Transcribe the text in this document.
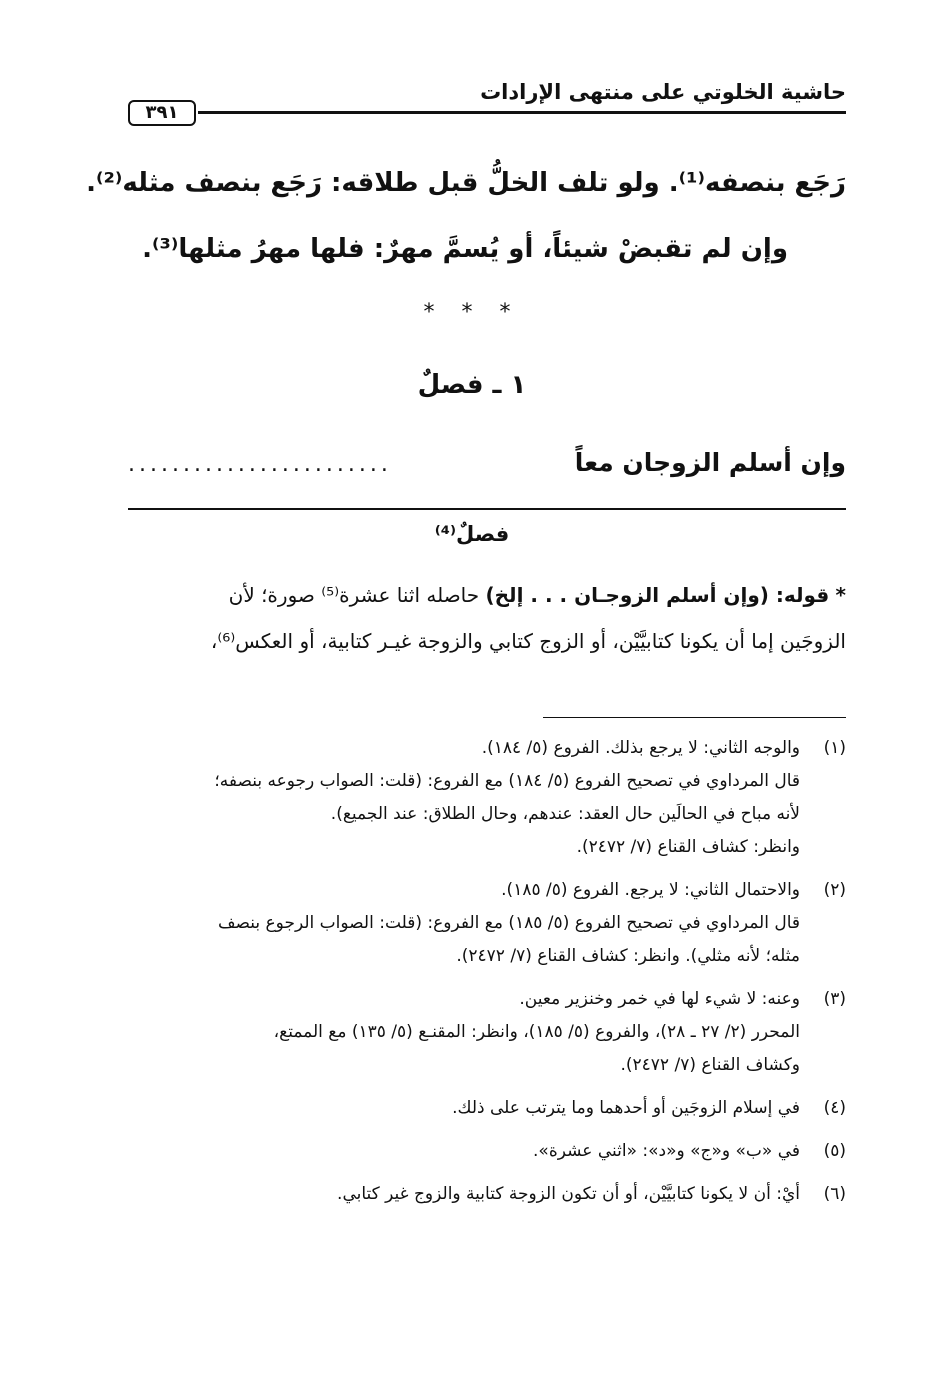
حاشية الخلوتي على منتهى الإرادات
٣٩١
رَجَع بنصفه⁽¹⁾. ولو تلف الخلُّ قبل طلاقه: رَجَع بنصف مثله⁽²⁾.
وإن لم تقبضْ شيئاً، أو يُسمَّ مهرٌ: فلها مهرُ مثلها⁽³⁾.
* * *
١ ـ فصلٌ
وإن أسلم الزوجان معاً
........................
فصلٌ⁽⁴⁾

* قوله: (وإن أسلم الزوجـان . . . إلخ) حاصله اثنا عشرة⁽⁵⁾ صورة؛ لأن

الزوجَين إما أن يكونا كتابيَّيْن، أو الزوج كتابي والزوجة غيـر كتابية، أو العكس⁽⁶⁾،

(١)والوجه الثاني: لا يرجع بذلك. الفروع (٥/ ١٨٤).
قال المرداوي في تصحيح الفروع (٥/ ١٨٤) مع الفروع: (قلت: الصواب رجوعه بنصفه؛
لأنه مباح في الحالَين حال العقد: عندهم، وحال الطلاق: عند الجميع).
وانظر: كشاف القناع (٧/ ٢٤٧٢).
(٢)والاحتمال الثاني: لا يرجع. الفروع (٥/ ١٨٥).
قال المرداوي في تصحيح الفروع (٥/ ١٨٥) مع الفروع: (قلت: الصواب الرجوع بنصف
مثله؛ لأنه مثلي). وانظر: كشاف القناع (٧/ ٢٤٧٢).
(٣)وعنه: لا شيء لها في خمر وخنزير معين.
المحرر (٢/ ٢٧ ـ ٢٨)، والفروع (٥/ ١٨٥)، وانظر: المقنـع (٥/ ١٣٥) مع الممتع،
وكشاف القناع (٧/ ٢٤٧٢).
(٤)في إسلام الزوجَين أو أحدهما وما يترتب على ذلك.
(٥)في «ب» و«ج» و«د»: «اثني عشرة».
(٦)أيْ: أن لا يكونا كتابيَّيْن، أو أن تكون الزوجة كتابية والزوج غير كتابي.
